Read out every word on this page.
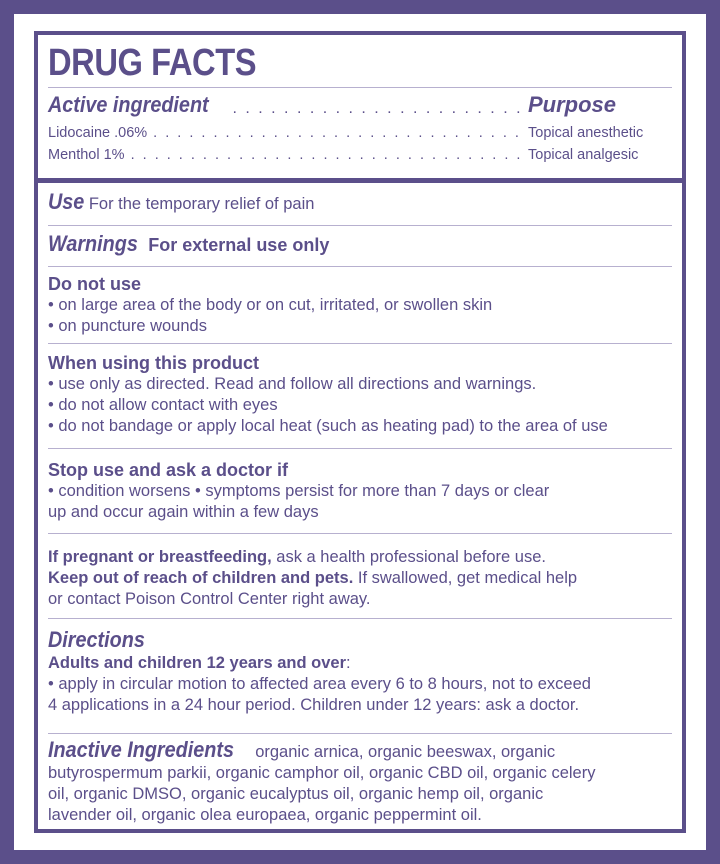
DRUG FACTS
Active ingredient . . .	Purpose
Lidocaine .06% . . .	Topical anesthetic
Menthol 1% . . .	Topical analgesic
Use For the temporary relief of pain
Warnings For external use only
Do not use
• on large area of the body or on cut, irritated, or swollen skin
• on puncture wounds
When using this product
• use only as directed. Read and follow all directions and warnings.
• do not allow contact with eyes
• do not bandage or apply local heat (such as heating pad) to the area of use
Stop use and ask a doctor if
• condition worsens • symptoms persist for more than 7 days or clear
up and occur again within a few days
If pregnant or breastfeeding, ask a health professional before use.
Keep out of reach of children and pets. If swallowed, get medical help
or contact Poison Control Center right away.
Directions
Adults and children 12 years and over:
• apply in circular motion to affected area every 6 to 8 hours, not to exceed
4 applications in a 24 hour period. Children under 12 years: ask a doctor.
Inactive Ingredients organic arnica, organic beeswax, organic
butyrospermum parkii, organic camphor oil, organic CBD oil, organic celery
oil, organic DMSO, organic eucalyptus oil, organic hemp oil, organic
lavender oil, organic olea europaea, organic peppermint oil.
